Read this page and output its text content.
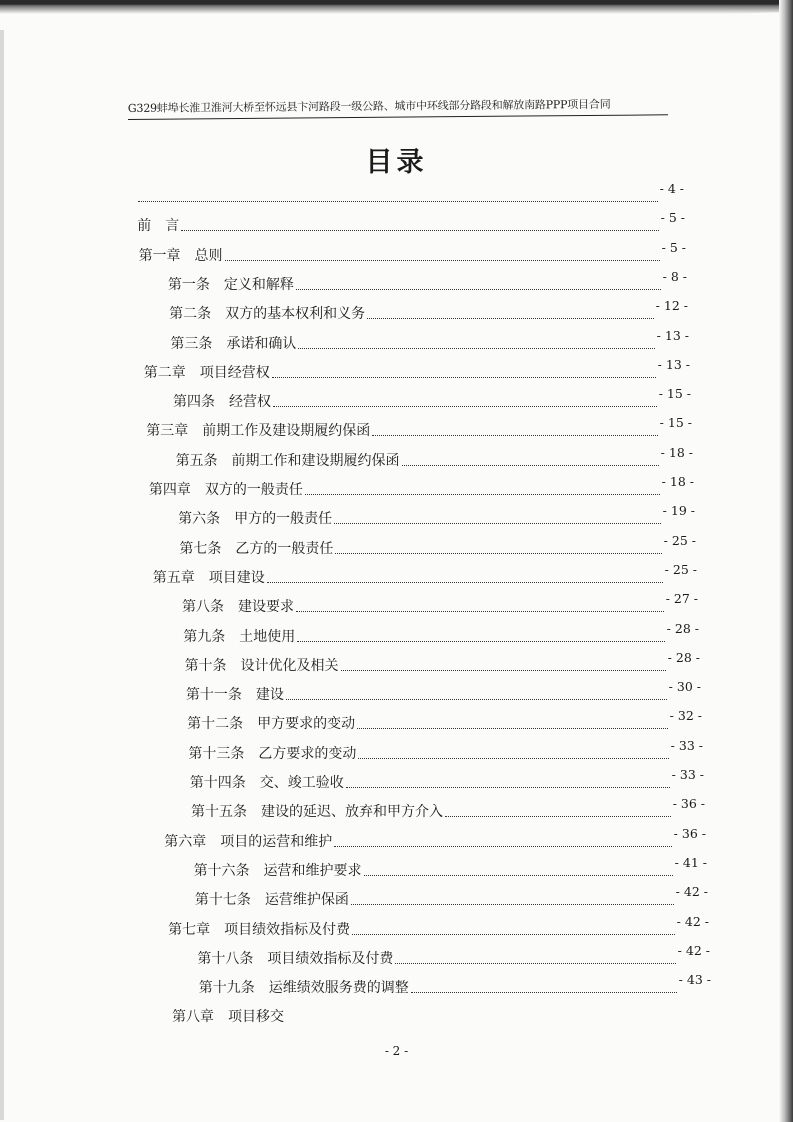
G329蚌埠长淮卫淮河大桥至怀远县卞河路段一级公路、城市中环线部分路段和解放南路PPP项目合同
目录
- 4 -
前　言
- 5 -
第一章　总则
- 5 -
第一条　定义和解释
- 8 -
第二条　双方的基本权利和义务
- 12 -
第三条　承诺和确认
- 13 -
第二章　项目经营权
- 13 -
第四条　经营权
- 15 -
第三章　前期工作及建设期履约保函
- 15 -
第五条　前期工作和建设期履约保函
- 18 -
第四章　双方的一般责任
- 18 -
第六条　甲方的一般责任
- 19 -
第七条　乙方的一般责任
- 25 -
第五章　项目建设
- 25 -
第八条　建设要求
- 27 -
第九条　土地使用
- 28 -
第十条　设计优化及相关
- 28 -
第十一条　建设
- 30 -
第十二条　甲方要求的变动
- 32 -
第十三条　乙方要求的变动
- 33 -
第十四条　交、竣工验收
- 33 -
第十五条　建设的延迟、放弃和甲方介入
- 36 -
第六章　项目的运营和维护
- 36 -
第十六条　运营和维护要求
- 41 -
第十七条　运营维护保函
- 42 -
第七章　项目绩效指标及付费
- 42 -
第十八条　项目绩效指标及付费
- 42 -
第十九条　运维绩效服务费的调整
- 43 -
第八章　项目移交
- 2 -
